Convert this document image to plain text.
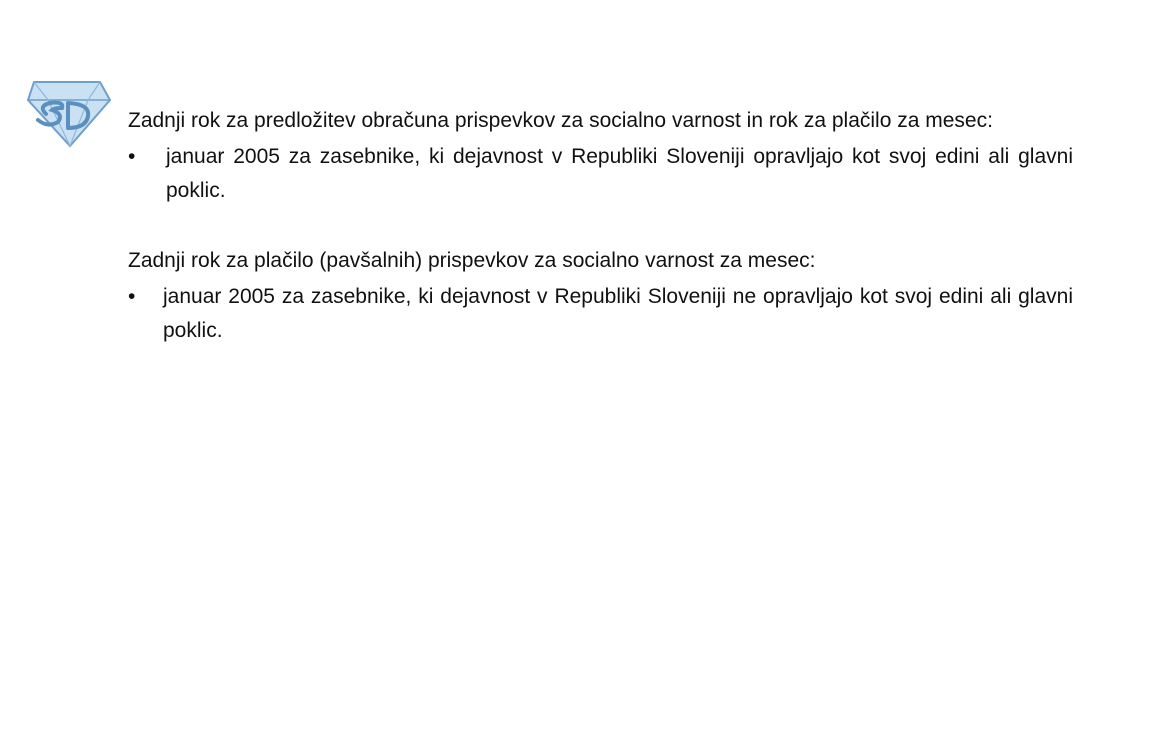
Zadnji rok za predložitev obračuna prispevkov za socialno varnost in rok za plačilo za mesec:

• januar 2005 za zasebnike, ki dejavnost v Republiki Sloveniji opravljajo kot svoj edini ali glavni poklic.

Zadnji rok za plačilo (pavšalnih) prispevkov za socialno varnost za mesec:

• januar 2005 za zasebnike, ki dejavnost v Republiki Sloveniji ne opravljajo kot svoj edini ali glavni poklic.
